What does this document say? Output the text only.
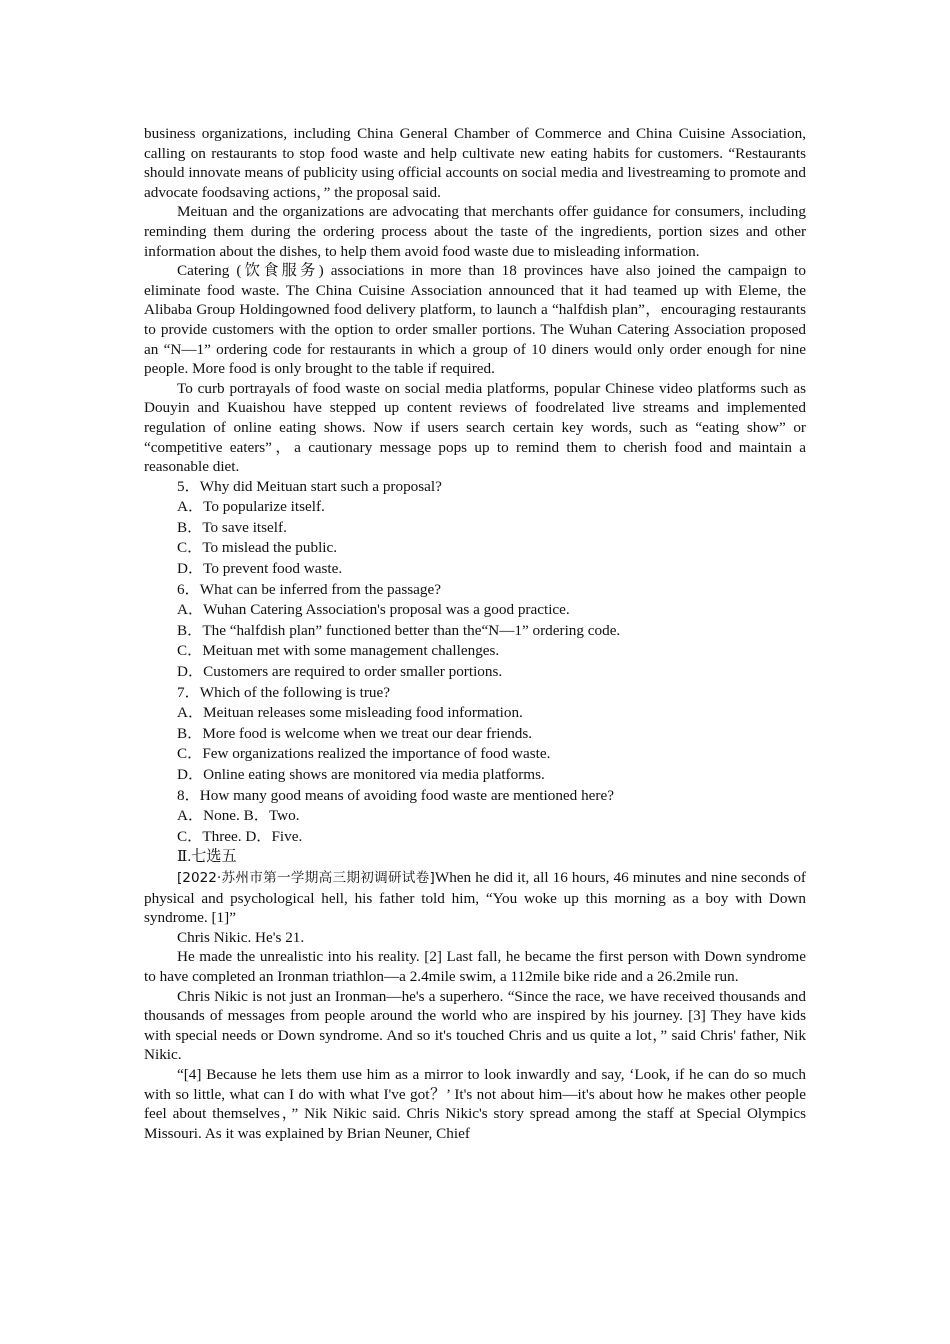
business organizations, including China General Chamber of Commerce and China Cuisine Association, calling on restaurants to stop food waste and help cultivate new eating habits for customers. “Restaurants should innovate means of publicity using official accounts on social media and livestreaming to promote and advocate foodsaving actions，” the proposal said.

Meituan and the organizations are advocating that merchants offer guidance for consumers, including reminding them during the ordering process about the taste of the ingredients, portion sizes and other information about the dishes, to help them avoid food waste due to misleading information.

Catering (饮食服务) associations in more than 18 provinces have also joined the campaign to eliminate food waste. The China Cuisine Association announced that it had teamed up with Eleme, the Alibaba Group Holdingowned food delivery platform, to launch a “halfdish plan”，encouraging restaurants to provide customers with the option to order smaller portions. The Wuhan Catering Association proposed an “N—1” ordering code for restaurants in which a group of 10 diners would only order enough for nine people. More food is only brought to the table if required.

To curb portrayals of food waste on social media platforms, popular Chinese video platforms such as Douyin and Kuaishou have stepped up content reviews of foodrelated live streams and implemented regulation of online eating shows. Now if users search certain key words, such as “eating show” or “competitive eaters”，a cautionary message pops up to remind them to cherish food and maintain a reasonable diet.

5．Why did Meituan start such a proposal?

A．To popularize itself.

B．To save itself.

C．To mislead the public.

D．To prevent food waste.

6．What can be inferred from the passage?

A．Wuhan Catering Association's proposal was a good practice.

B．The “halfdish plan” functioned better than the“N—1” ordering code.

C．Meituan met with some management challenges.

D．Customers are required to order smaller portions.

7．Which of the following is true?

A．Meituan releases some misleading food information.

B．More food is welcome when we treat our dear friends.

C．Few organizations realized the importance of food waste.

D．Online eating shows are monitored via media platforms.

8．How many good means of avoiding food waste are mentioned here?

A．None. B．Two.

C．Three. D．Five.

Ⅱ.七选五

[2022·苏州市第一学期高三期初调研试卷]When he did it, all 16 hours, 46 minutes and nine seconds of physical and psychological hell, his father told him, “You woke up this morning as a boy with Down syndrome. [1]”

Chris Nikic. He's 21.

He made the unrealistic into his reality. [2] Last fall, he became the first person with Down syndrome to have completed an Ironman triathlon—a 2.4mile swim, a 112mile bike ride and a 26.2mile run.

Chris Nikic is not just an Ironman—he's a superhero. “Since the race, we have received thousands and thousands of messages from people around the world who are inspired by his journey. [3] They have kids with special needs or Down syndrome. And so it's touched Chris and us quite a lot，” said Chris' father, Nik Nikic.

“[4] Because he lets them use him as a mirror to look inwardly and say, ‘Look, if he can do so much with so little, what can I do with what I've got？’ It's not about him—it's about how he makes other people feel about themselves，” Nik Nikic said. Chris Nikic's story spread among the staff at Special Olympics Missouri. As it was explained by Brian Neuner, Chief
